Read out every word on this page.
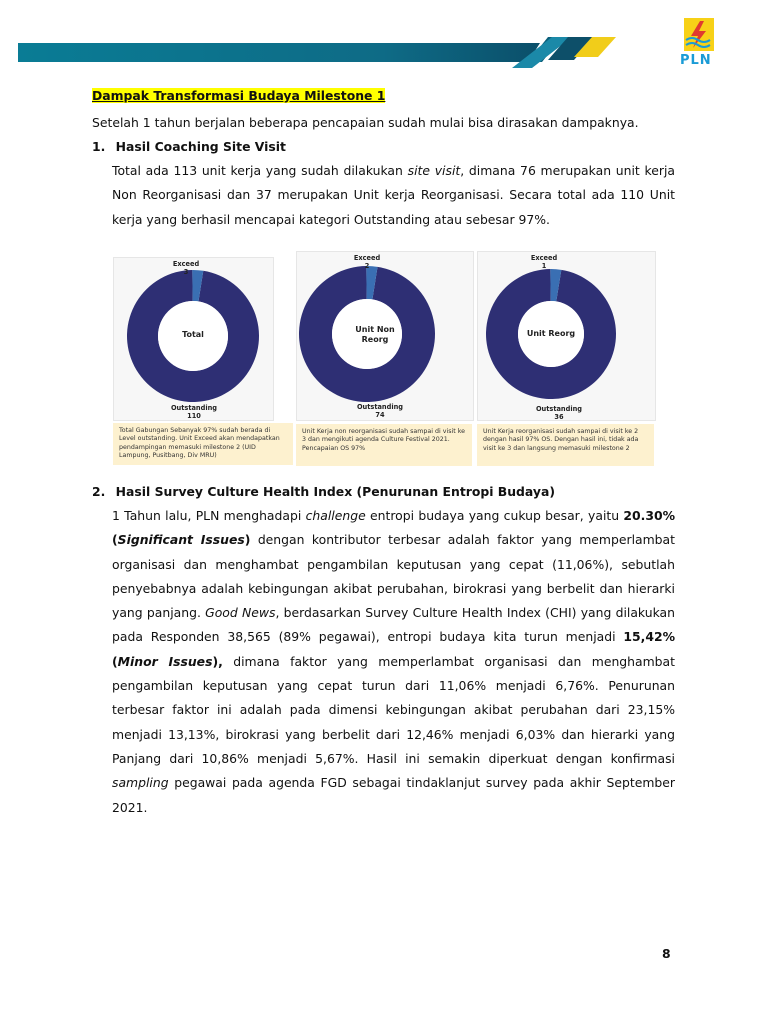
PLN
Dampak Transformasi Budaya Milestone 1
Setelah 1 tahun berjalan beberapa pencapaian sudah mulai bisa dirasakan dampaknya.
1. Hasil Coaching Site Visit
Total ada 113 unit kerja yang sudah dilakukan site visit, dimana 76 merupakan unit kerja Non Reorganisasi dan 37 merupakan Unit kerja Reorganisasi. Secara total ada 110 Unit kerja yang berhasil mencapai kategori Outstanding atau sebesar 97%.
Exceed
3
Total
Outstanding
110
Total Gabungan Sebanyak 97% sudah berada di Level outstanding. Unit Exceed akan mendapatkan pendampingan memasuki milestone 2 (UID Lampung, Pusitbang, Div MRU)
Exceed
2
Unit Non Reorg
Outstanding
74
Unit Kerja non reorganisasi sudah sampai di visit ke 3 dan mengikuti agenda Culture Festival 2021. Pencapaian OS 97%
Exceed
1
Unit Reorg
Outstanding
36
Unit Kerja reorganisasi sudah sampai di visit ke 2 dengan hasil 97% OS. Dengan hasil ini, tidak ada visit ke 3 dan langsung memasuki milestone 2
2. Hasil Survey Culture Health Index (Penurunan Entropi Budaya)
1 Tahun lalu, PLN menghadapi challenge entropi budaya yang cukup besar, yaitu 20.30% (Significant Issues) dengan kontributor terbesar adalah faktor yang memperlambat organisasi dan menghambat pengambilan keputusan yang cepat (11,06%), sebutlah penyebabnya adalah kebingungan akibat perubahan, birokrasi yang berbelit dan hierarki yang panjang. Good News, berdasarkan Survey Culture Health Index (CHI) yang dilakukan pada Responden 38,565 (89% pegawai), entropi budaya kita turun menjadi 15,42% (Minor Issues), dimana faktor yang memperlambat organisasi dan menghambat pengambilan keputusan yang cepat turun dari 11,06% menjadi 6,76%. Penurunan terbesar faktor ini adalah pada dimensi kebingungan akibat perubahan dari 23,15% menjadi 13,13%, birokrasi yang berbelit dari 12,46% menjadi 6,03% dan hierarki yang Panjang dari 10,86% menjadi 5,67%. Hasil ini semakin diperkuat dengan konfirmasi sampling pegawai pada agenda FGD sebagai tindaklanjut survey pada akhir September 2021.
8
